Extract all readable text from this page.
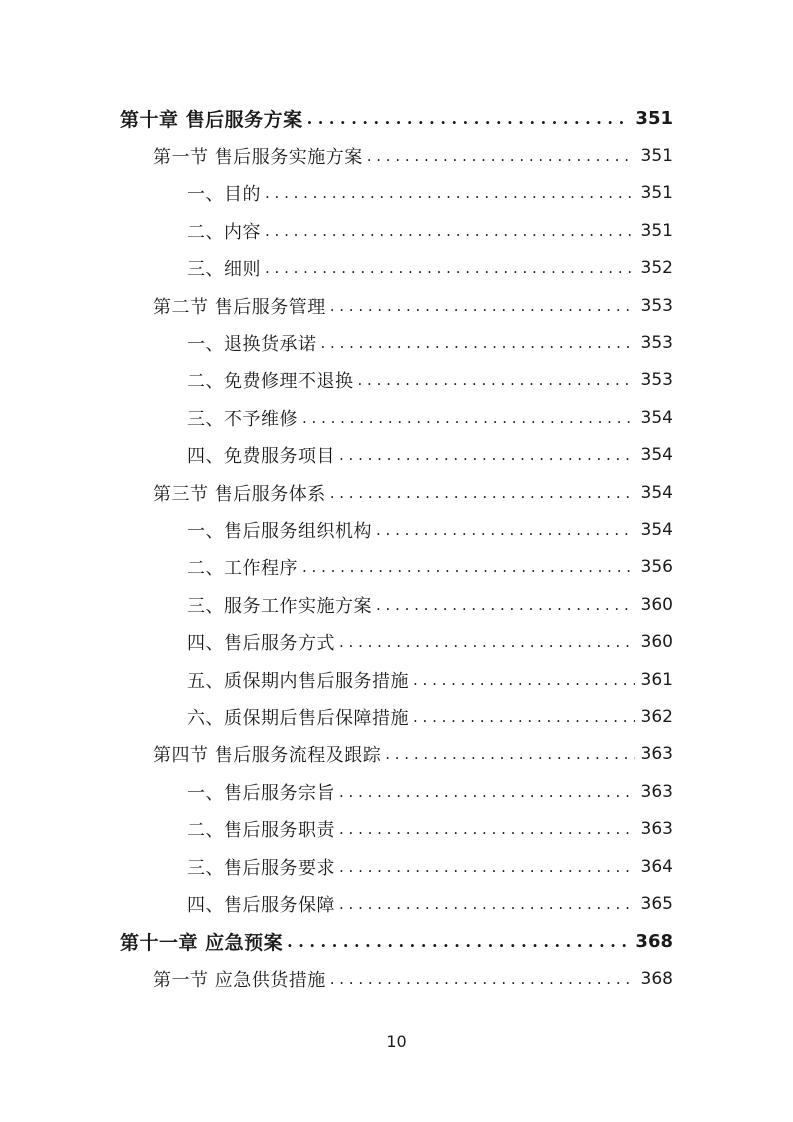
第十章 售后服务方案 . . .	351
第一节 售后服务实施方案 . . .	351
一、目的 . . .	351
二、内容 . . .	351
三、细则 . . .	352
第二节 售后服务管理 . . .	353
一、退换货承诺 . . .	353
二、免费修理不退换 . . .	353
三、不予维修 . . .	354
四、免费服务项目 . . .	354
第三节 售后服务体系 . . .	354
一、售后服务组织机构 . . .	354
二、工作程序 . . .	356
三、服务工作实施方案 . . .	360
四、售后服务方式 . . .	360
五、质保期内售后服务措施 . . .	361
六、质保期后售后保障措施 . . .	362
第四节 售后服务流程及跟踪 . . .	363
一、售后服务宗旨 . . .	363
二、售后服务职责 . . .	363
三、售后服务要求 . . .	364
四、售后服务保障 . . .	365
第十一章 应急预案 . . .	368
第一节 应急供货措施 . . .	368
10
